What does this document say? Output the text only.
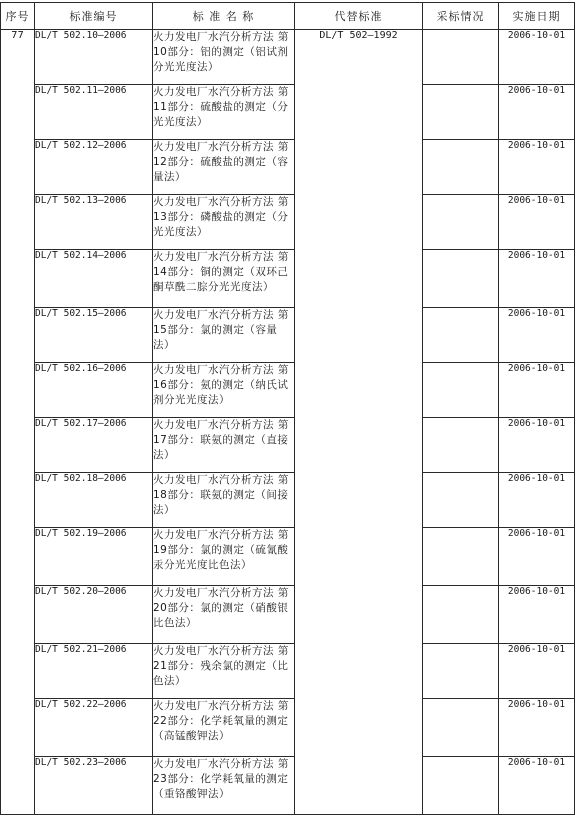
序号	标准编号	标 准 名 称	代替标准	采标情况	实施日期
77	DL/T 502.10—2006	火力发电厂水汽分析方法 第10部分：铝的测定（铝试剂分光光度法）	DL/T 502—1992		2006-10-01
	DL/T 502.11—2006	火力发电厂水汽分析方法 第11部分：硫酸盐的测定（分光光度法）			2006-10-01
	DL/T 502.12—2006	火力发电厂水汽分析方法 第12部分：硫酸盐的测定（容量法）			2006-10-01
	DL/T 502.13—2006	火力发电厂水汽分析方法 第13部分：磷酸盐的测定（分光光度法）			2006-10-01
	DL/T 502.14—2006	火力发电厂水汽分析方法 第14部分：铜的测定（双环己酮草酰二腙分光光度法）			2006-10-01
	DL/T 502.15—2006	火力发电厂水汽分析方法 第15部分：氯的测定（容量法）			2006-10-01
	DL/T 502.16—2006	火力发电厂水汽分析方法 第16部分：氨的测定（纳氏试剂分光光度法）			2006-10-01
	DL/T 502.17—2006	火力发电厂水汽分析方法 第17部分：联氨的测定（直接法）			2006-10-01
	DL/T 502.18—2006	火力发电厂水汽分析方法 第18部分：联氨的测定（间接法）			2006-10-01
	DL/T 502.19—2006	火力发电厂水汽分析方法 第19部分：氯的测定（硫氰酸汞分光光度比色法）			2006-10-01
	DL/T 502.20—2006	火力发电厂水汽分析方法 第20部分：氯的测定（硝酸银比色法）			2006-10-01
	DL/T 502.21—2006	火力发电厂水汽分析方法 第21部分：残余氯的测定（比色法）			2006-10-01
	DL/T 502.22—2006	火力发电厂水汽分析方法 第22部分：化学耗氧量的测定（高锰酸钾法）			2006-10-01
	DL/T 502.23—2006	火力发电厂水汽分析方法 第23部分：化学耗氧量的测定（重铬酸钾法）			2006-10-01
